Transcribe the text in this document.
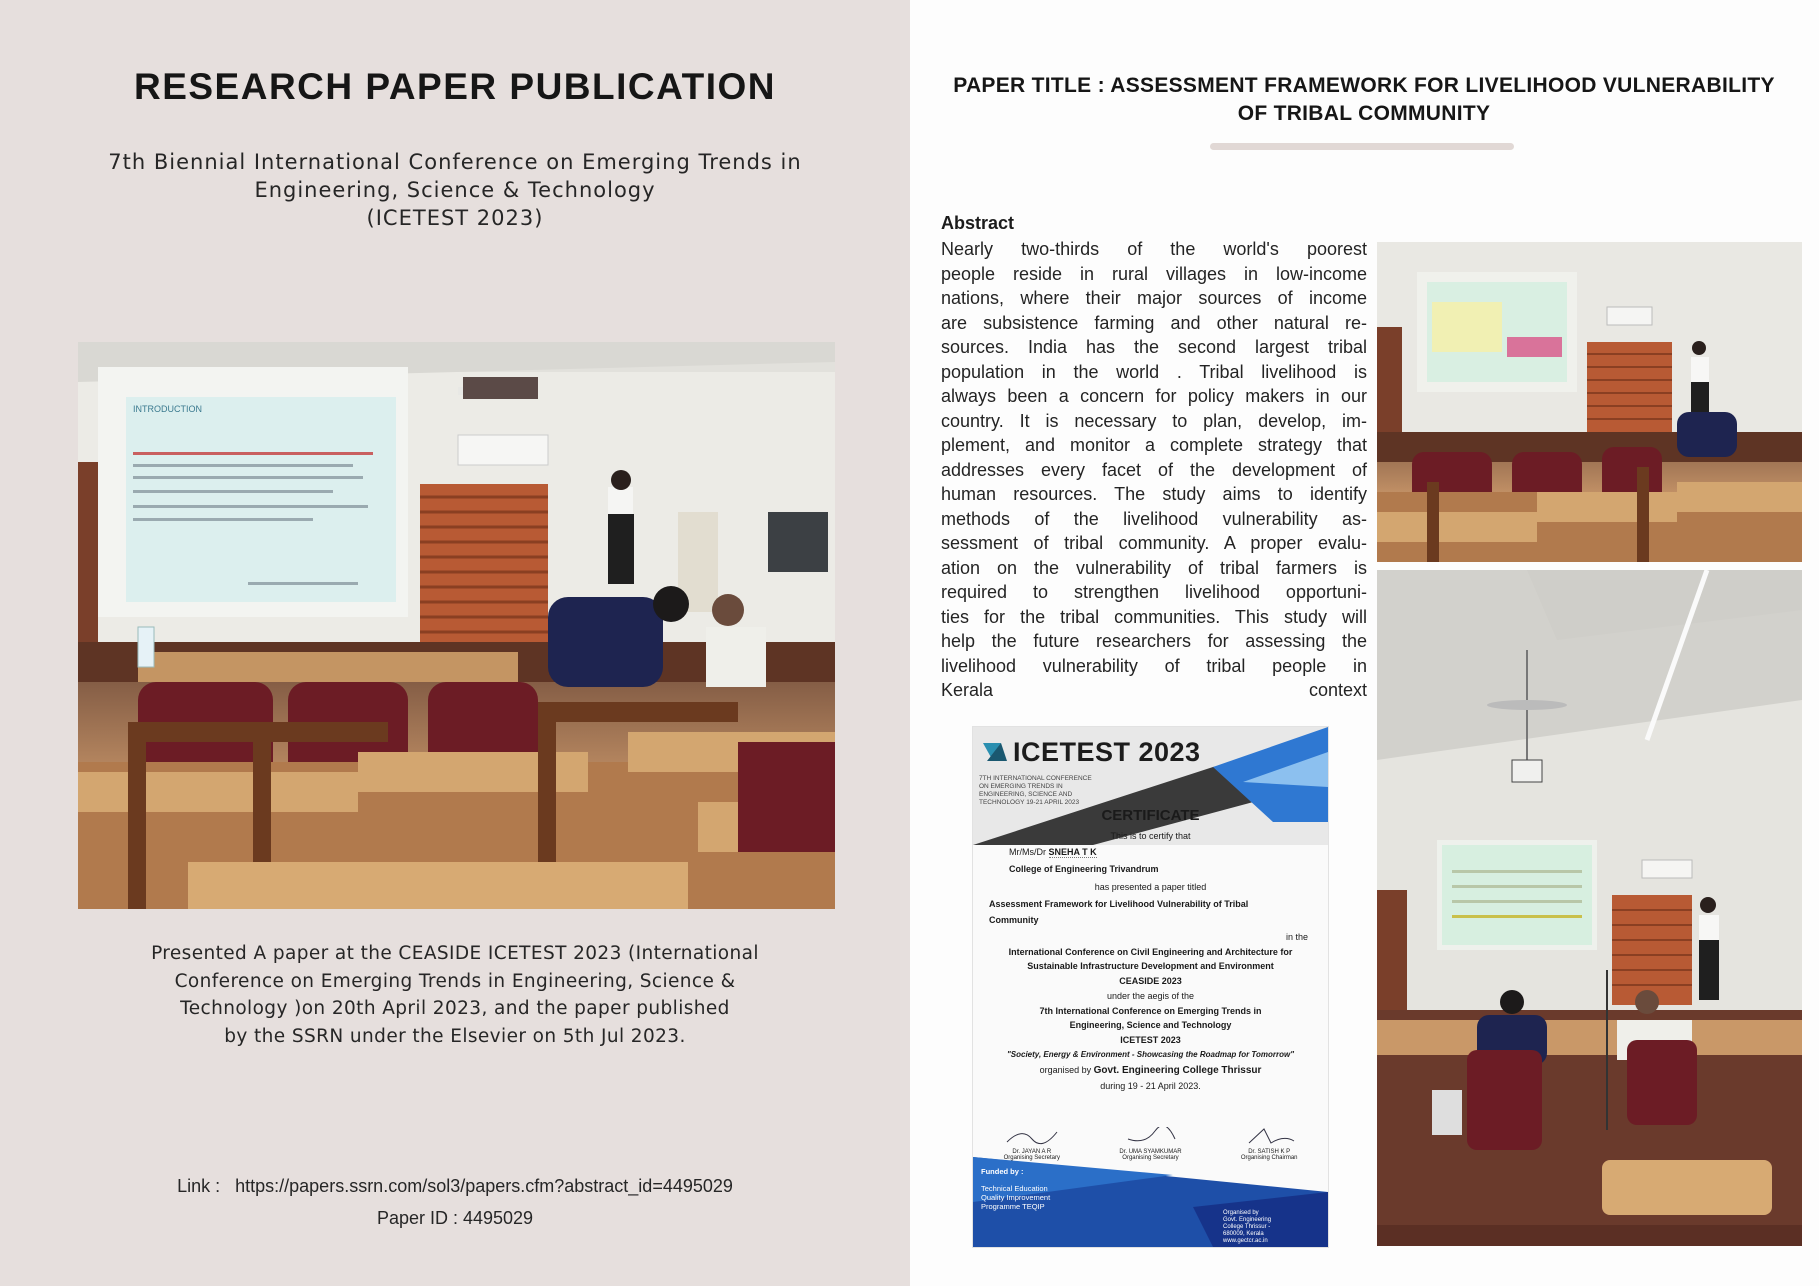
RESEARCH PAPER PUBLICATION
7th Biennial International Conference on Emerging Trends in
Engineering, Science & Technology
(ICETEST 2023)
INTRODUCTION
Presented A paper at the CEASIDE ICETEST 2023 (International
Conference on Emerging Trends in Engineering, Science &
Technology )on 20th April 2023, and the paper published
by the SSRN under the Elsevier on 5th Jul 2023.
Link : https://papers.ssrn.com/sol3/papers.cfm?abstract_id=4495029
Paper ID : 4495029
PAPER TITLE : ASSESSMENT FRAMEWORK FOR LIVELIHOOD VULNERABILITY
OF TRIBAL COMMUNITY
Abstract
Nearly two-thirds of the world's poorest
people reside in rural villages in low-income
nations, where their major sources of income
are subsistence farming and other natural re-
sources. India has the second largest tribal
population in the world . Tribal livelihood is
always been a concern for policy makers in our
country. It is necessary to plan, develop, im-
plement, and monitor a complete strategy that
addresses every facet of the development of
human resources. The study aims to identify
methods of the livelihood vulnerability as-
sessment of tribal community. A proper evalu-
ation on the vulnerability of tribal farmers is
required to strengthen livelihood opportuni-
ties for the tribal communities. This study will
help the future researchers for assessing the
livelihood vulnerability of tribal people in
Kerala context
ICETEST 2023
7TH INTERNATIONAL CONFERENCE ON EMERGING TRENDS IN ENGINEERING, SCIENCE AND TECHNOLOGY 19-21 APRIL 2023
CERTIFICATE
This is to certify that
Mr/Ms/Dr SNEHA T K
College of Engineering Trivandrum
has presented a paper titled
Assessment Framework for Livelihood Vulnerability of Tribal
Community
in the
International Conference on Civil Engineering and Architecture for
Sustainable Infrastructure Development and Environment
CEASIDE 2023
under the aegis of the
7th International Conference on Emerging Trends in
Engineering, Science and Technology
ICETEST 2023
"Society, Energy & Environment - Showcasing the Roadmap for Tomorrow"
organised by Govt. Engineering College Thrissur
during 19 - 21 April 2023.
Dr. JAYAN A R
Organising Secretary
Dr. UMA SYAMKUMAR
Organising Secretary
Dr. SATISH K P
Organising Chairman
Funded by :
Technical Education Quality Improvement Programme TEQIP
Organised by
Govt. Engineering College Thrissur - 680009, Kerala www.gectcr.ac.in
